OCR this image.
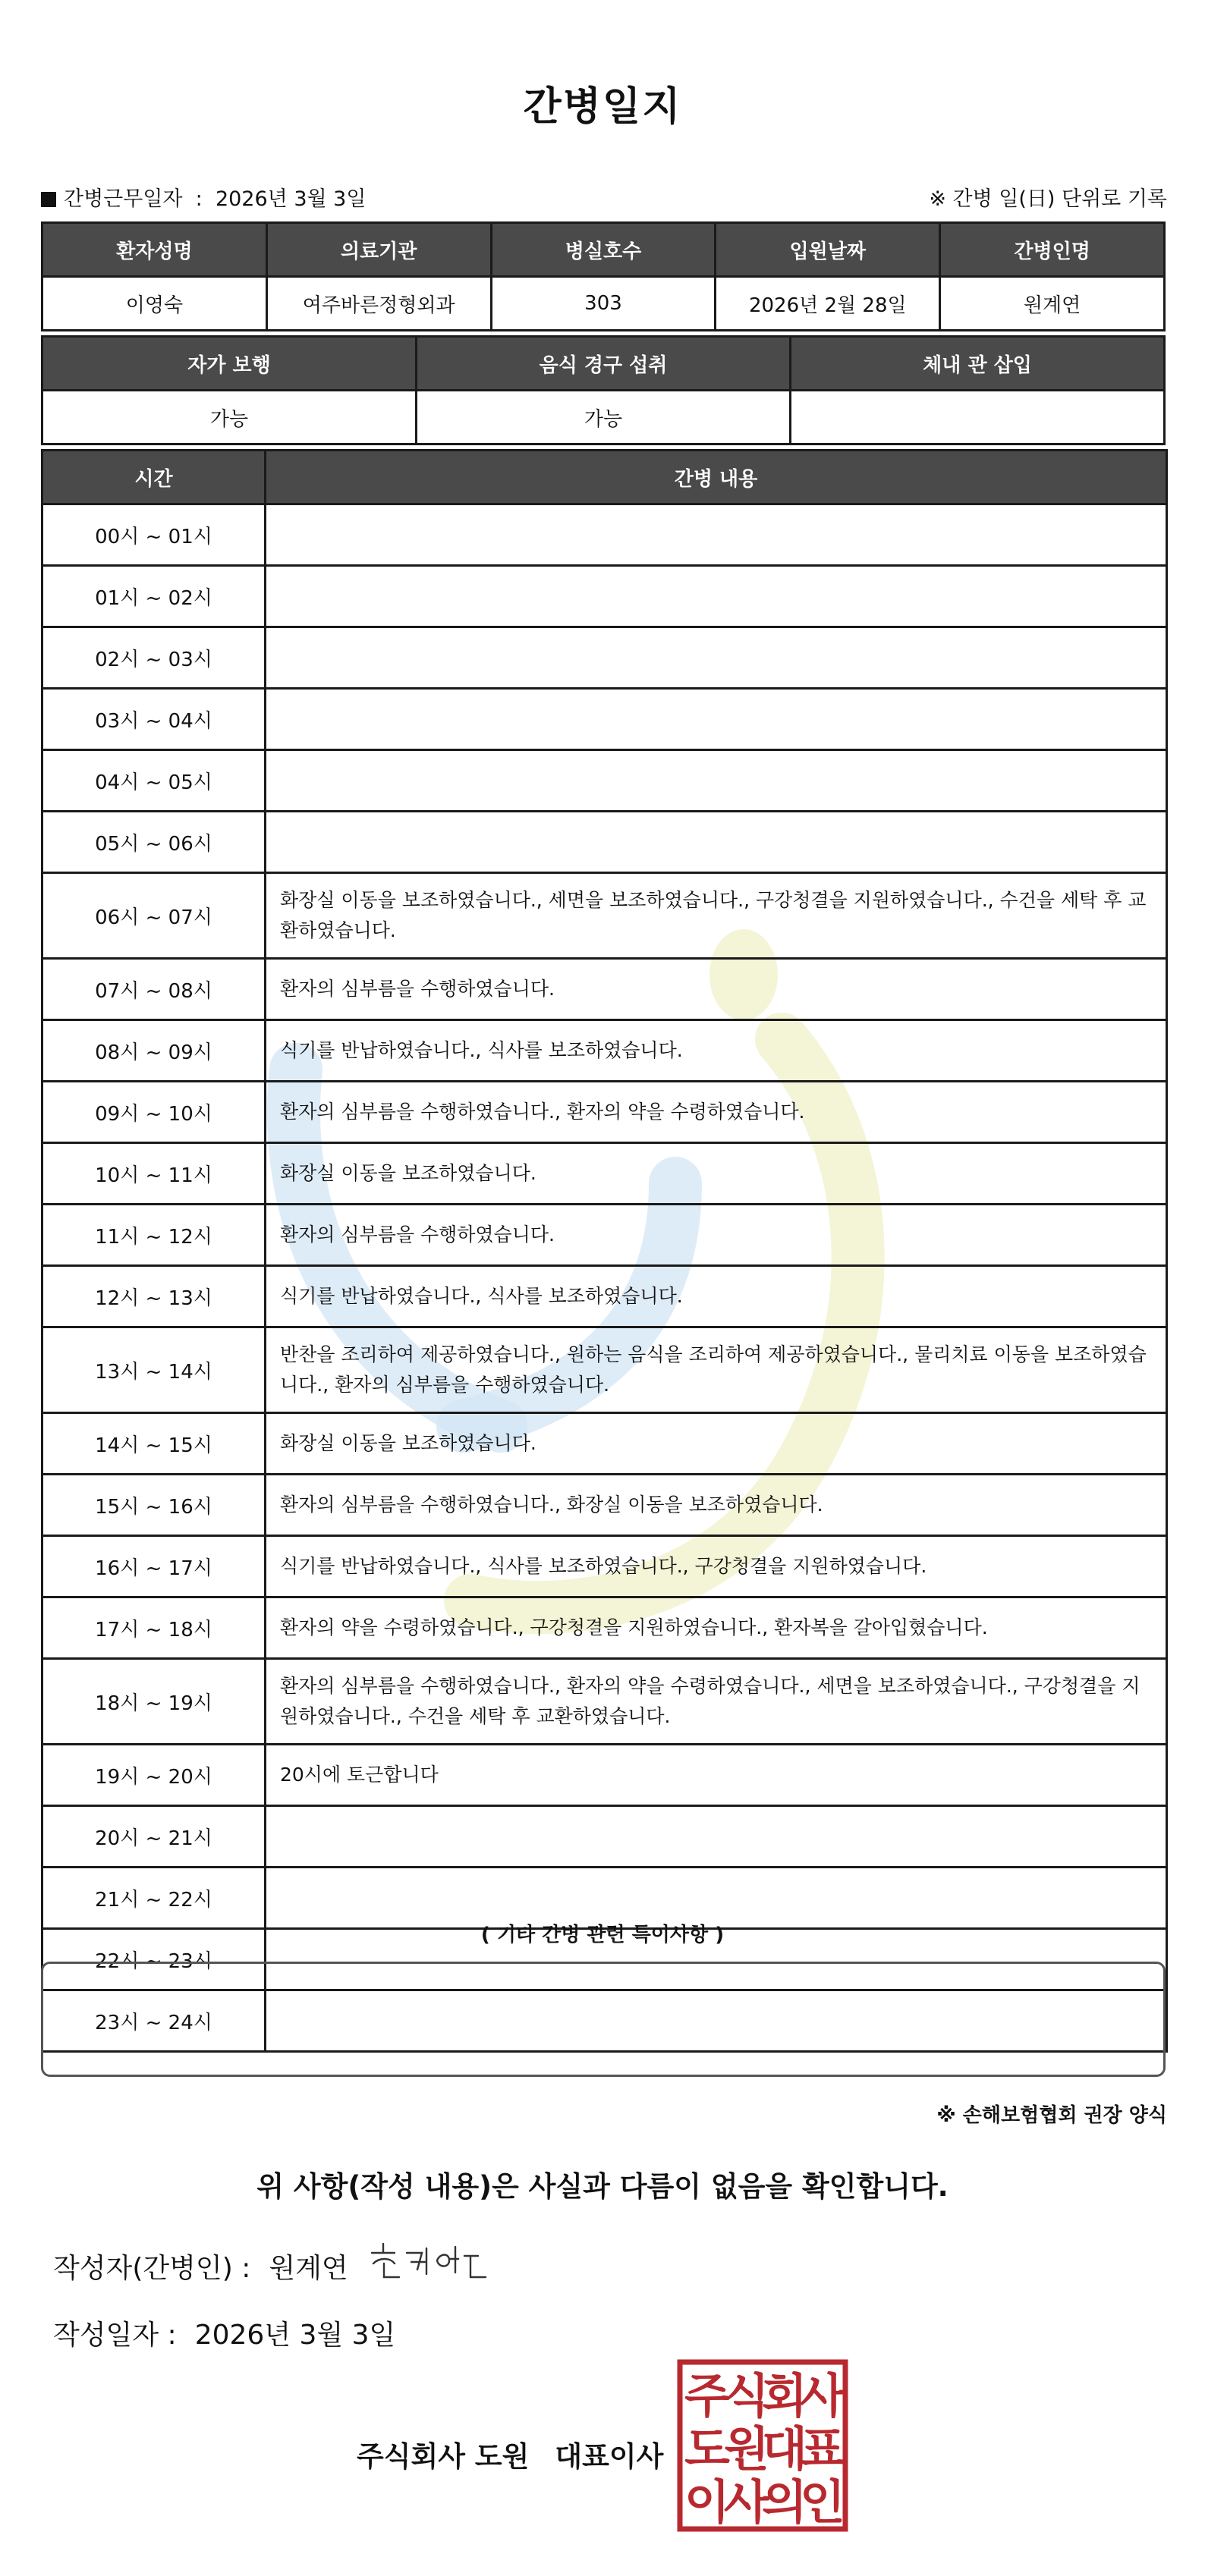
간병일지
간병근무일자 : 2026년 3월 3일	※ 간병 일(日) 단위로 기록
환자성명	의료기관	병실호수	입원날짜	간병인명
이영숙	여주바른정형외과	303	2026년 2월 28일	원계연
자가 보행	음식 경구 섭취	체내 관 삽입
가능	가능	
시간	간병 내용
00시 ~ 01시	
01시 ~ 02시	
02시 ~ 03시	
03시 ~ 04시	
04시 ~ 05시	
05시 ~ 06시	
06시 ~ 07시	화장실 이동을 보조하였습니다., 세면을 보조하였습니다., 구강청결을 지원하였습니다., 수건을 세탁 후 교환하였습니다.
07시 ~ 08시	환자의 심부름을 수행하였습니다.
08시 ~ 09시	식기를 반납하였습니다., 식사를 보조하였습니다.
09시 ~ 10시	환자의 심부름을 수행하였습니다., 환자의 약을 수령하였습니다.
10시 ~ 11시	화장실 이동을 보조하였습니다.
11시 ~ 12시	환자의 심부름을 수행하였습니다.
12시 ~ 13시	식기를 반납하였습니다., 식사를 보조하였습니다.
13시 ~ 14시	반찬을 조리하여 제공하였습니다., 원하는 음식을 조리하여 제공하였습니다., 물리치료 이동을 보조하였습니다., 환자의 심부름을 수행하였습니다.
14시 ~ 15시	화장실 이동을 보조하였습니다.
15시 ~ 16시	환자의 심부름을 수행하였습니다., 화장실 이동을 보조하였습니다.
16시 ~ 17시	식기를 반납하였습니다., 식사를 보조하였습니다., 구강청결을 지원하였습니다.
17시 ~ 18시	환자의 약을 수령하였습니다., 구강청결을 지원하였습니다., 환자복을 갈아입혔습니다.
18시 ~ 19시	환자의 심부름을 수행하였습니다., 환자의 약을 수령하였습니다., 세면을 보조하였습니다., 구강청결을 지원하였습니다., 수건을 세탁 후 교환하였습니다.
19시 ~ 20시	20시에 토근합니다
20시 ~ 21시	
21시 ~ 22시	
22시 ~ 23시	
23시 ~ 24시	
( 기타 간병 관련 특이사항 )
※ 손해보험협회 권장 양식
위 사항(작성 내용)은 사실과 다름이 없음을 확인합니다.
작성자(간병인) : 원계연
작성일자 : 2026년 3월 3일
주식회사 도원 대표이사
주
식
회
사
도
원
대
표
이
사
의
인
